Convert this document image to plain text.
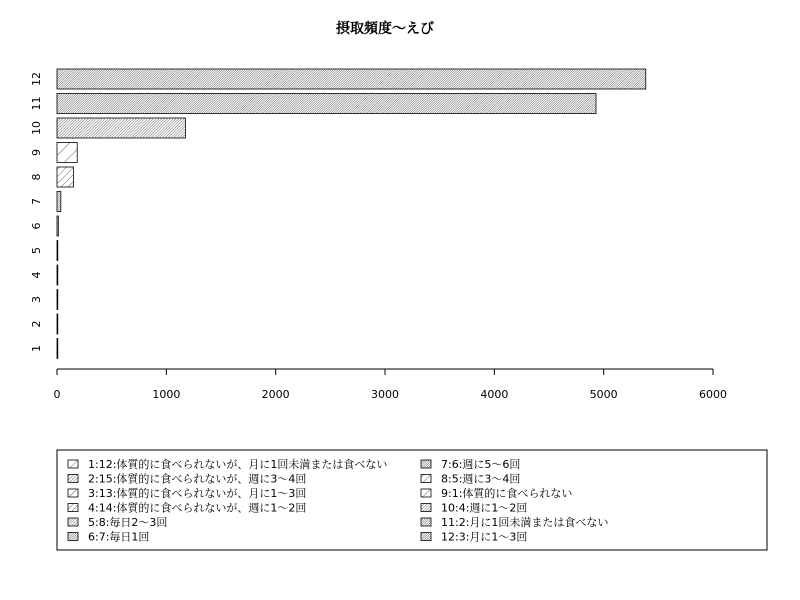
摂取頻度〜えび
12
11
10
9
8
7
6
5
4
3
2
1
0	1000	2000	3000	4000	5000	6000
1:12:体質的に食べられないが、月に1回未満または食べない
2:15:体質的に食べられないが、週に3〜4回
3:13:体質的に食べられないが、月に1〜3回
4:14:体質的に食べられないが、週に1〜2回
5:8:毎日2〜3回
6:7:毎日1回
7:6:週に5〜6回
8:5:週に3〜4回
9:1:体質的に食べられない
10:4:週に1〜2回
11:2:月に1回未満または食べない
12:3:月に1〜3回
